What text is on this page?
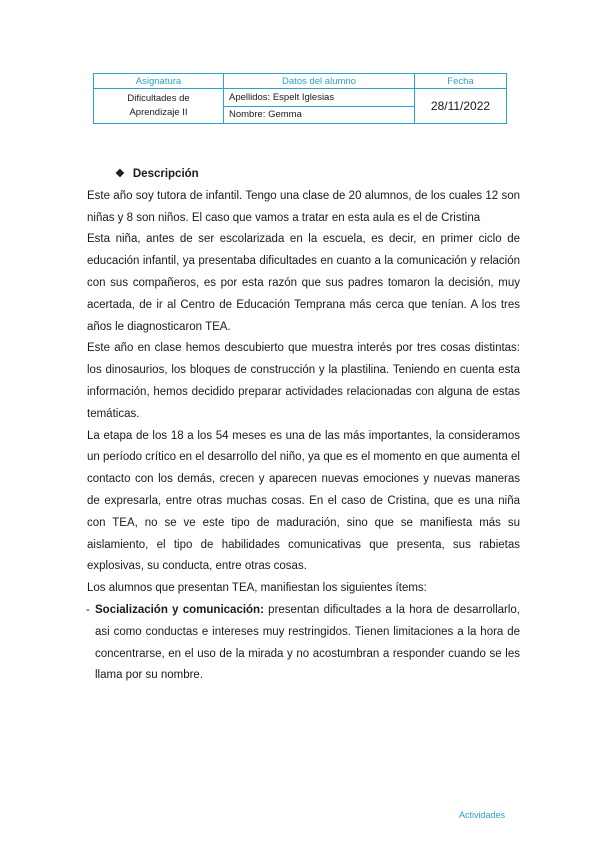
Asignatura	Datos del alumno	Fecha
Dificultades de
Aprendizaje II	Apellidos: Espelt Iglesias	28/11/2022
	Nombre: Gemma	
❖ Descripción

Este año soy tutora de infantil. Tengo una clase de 20 alumnos, de los cuales 12 son niñas y 8 son niños. El caso que vamos a tratar en esta aula es el de Cristina

Esta niña, antes de ser escolarizada en la escuela, es decir, en primer ciclo de educación infantil, ya presentaba dificultades en cuanto a la comunicación y relación con sus compañeros, es por esta razón que sus padres tomaron la decisión, muy acertada, de ir al Centro de Educación Temprana más cerca que tenían. A los tres años le diagnosticaron TEA.

Este año en clase hemos descubierto que muestra interés por tres cosas distintas: los dinosaurios, los bloques de construcción y la plastilina. Teniendo en cuenta esta información, hemos decidido preparar actividades relacionadas con alguna de estas temáticas.

La etapa de los 18 a los 54 meses es una de las más importantes, la consideramos un período crítico en el desarrollo del niño, ya que es el momento en que aumenta el contacto con los demás, crecen y aparecen nuevas emociones y nuevas maneras de expresarla, entre otras muchas cosas. En el caso de Cristina, que es una niña con TEA, no se ve este tipo de maduración, sino que se manifiesta más su aislamiento, el tipo de habilidades comunicativas que presenta, sus rabietas explosivas, su conducta, entre otras cosas.

Los alumnos que presentan TEA, manifiestan los siguientes ítems:

- Socialización y comunicación: presentan dificultades a la hora de desarrollarlo, asi como conductas e intereses muy restringidos. Tienen limitaciones a la hora de concentrarse, en el uso de la mirada y no acostumbran a responder cuando se les llama por su nombre.
Actividades
